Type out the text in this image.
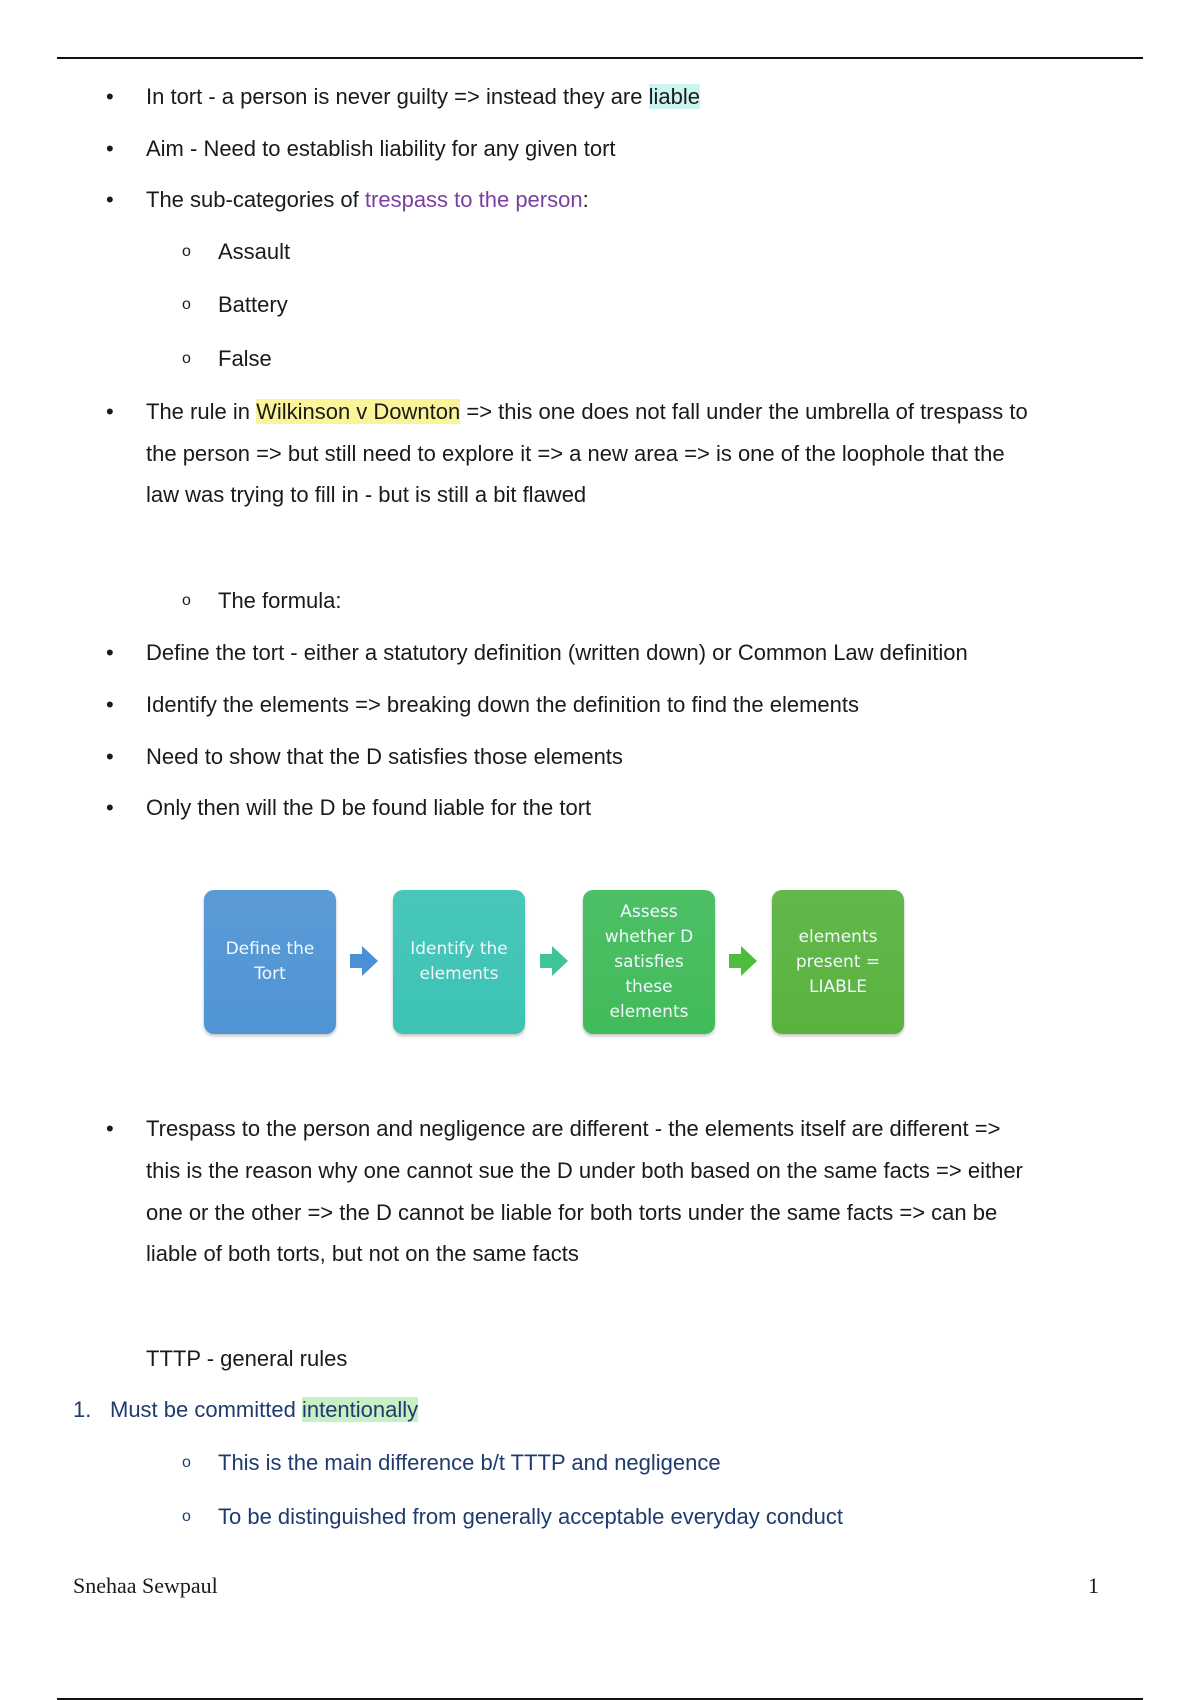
• In tort - a person is never guilty => instead they are liable
• Aim - Need to establish liability for any given tort
• The sub-categories of trespass to the person:
o Assault
o Battery
o False
• The rule in Wilkinson v Downton => this one does not fall under the umbrella of trespass to
the person => but still need to explore it => a new area => is one of the loophole that the
law was trying to fill in - but is still a bit flawed
o The formula:
• Define the tort - either a statutory definition (written down) or Common Law definition
• Identify the elements => breaking down the definition to find the elements
• Need to show that the D satisfies those elements
• Only then will the D be found liable for the tort
Define the
Tort
Identify the
elements
Assess
whether D
satisfies
these
elements
elements
present =
LIABLE
• Trespass to the person and negligence are different - the elements itself are different =>
this is the reason why one cannot sue the D under both based on the same facts => either
one or the other => the D cannot be liable for both torts under the same facts => can be
liable of both torts, but not on the same facts
TTTP - general rules
1. Must be committed intentionally
o This is the main difference b/t TTTP and negligence
o To be distinguished from generally acceptable everyday conduct
Snehaa Sewpaul	1
